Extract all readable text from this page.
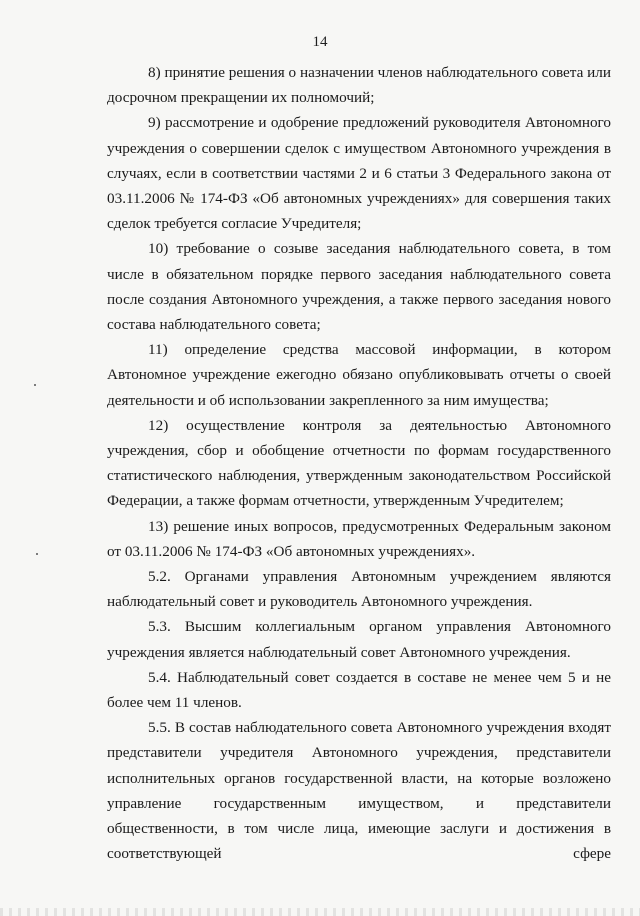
14

8) принятие решения о назначении членов наблюдательного совета или досрочном прекращении их полномочий;

9) рассмотрение и одобрение предложений руководителя Автономного учреждения о совершении сделок с имуществом Автономного учреждения в случаях, если в соответствии частями 2 и 6 статьи 3 Федерального закона от 03.11.2006 № 174-ФЗ «Об автономных учреждениях» для совершения таких сделок требуется согласие Учредителя;

10) требование о созыве заседания наблюдательного совета, в том числе в обязательном порядке первого заседания наблюдательного совета после создания Автономного учреждения, а также первого заседания нового состава наблюдательного совета;

11) определение средства массовой информации, в котором Автономное учреждение ежегодно обязано опубликовывать отчеты о своей деятельности и об использовании закрепленного за ним имущества;

12) осуществление контроля за деятельностью Автономного учреждения, сбор и обобщение отчетности по формам государственного статистического наблюдения, утвержденным законодательством Российской Федерации, а также формам отчетности, утвержденным Учредителем;

13) решение иных вопросов, предусмотренных Федеральным законом от 03.11.2006 № 174-ФЗ «Об автономных учреждениях».

5.2. Органами управления Автономным учреждением являются наблюдательный совет и руководитель Автономного учреждения.

5.3. Высшим коллегиальным органом управления Автономного учреждения является наблюдательный совет Автономного учреждения.

5.4. Наблюдательный совет создается в составе не менее чем 5 и не более чем 11 членов.

5.5. В состав наблюдательного совета Автономного учреждения входят представители учредителя Автономного учреждения, представители исполнительных органов государственной власти, на которые возложено управление государственным имуществом, и представители общественности, в том числе лица, имеющие заслуги и достижения в соответствующей сфере
